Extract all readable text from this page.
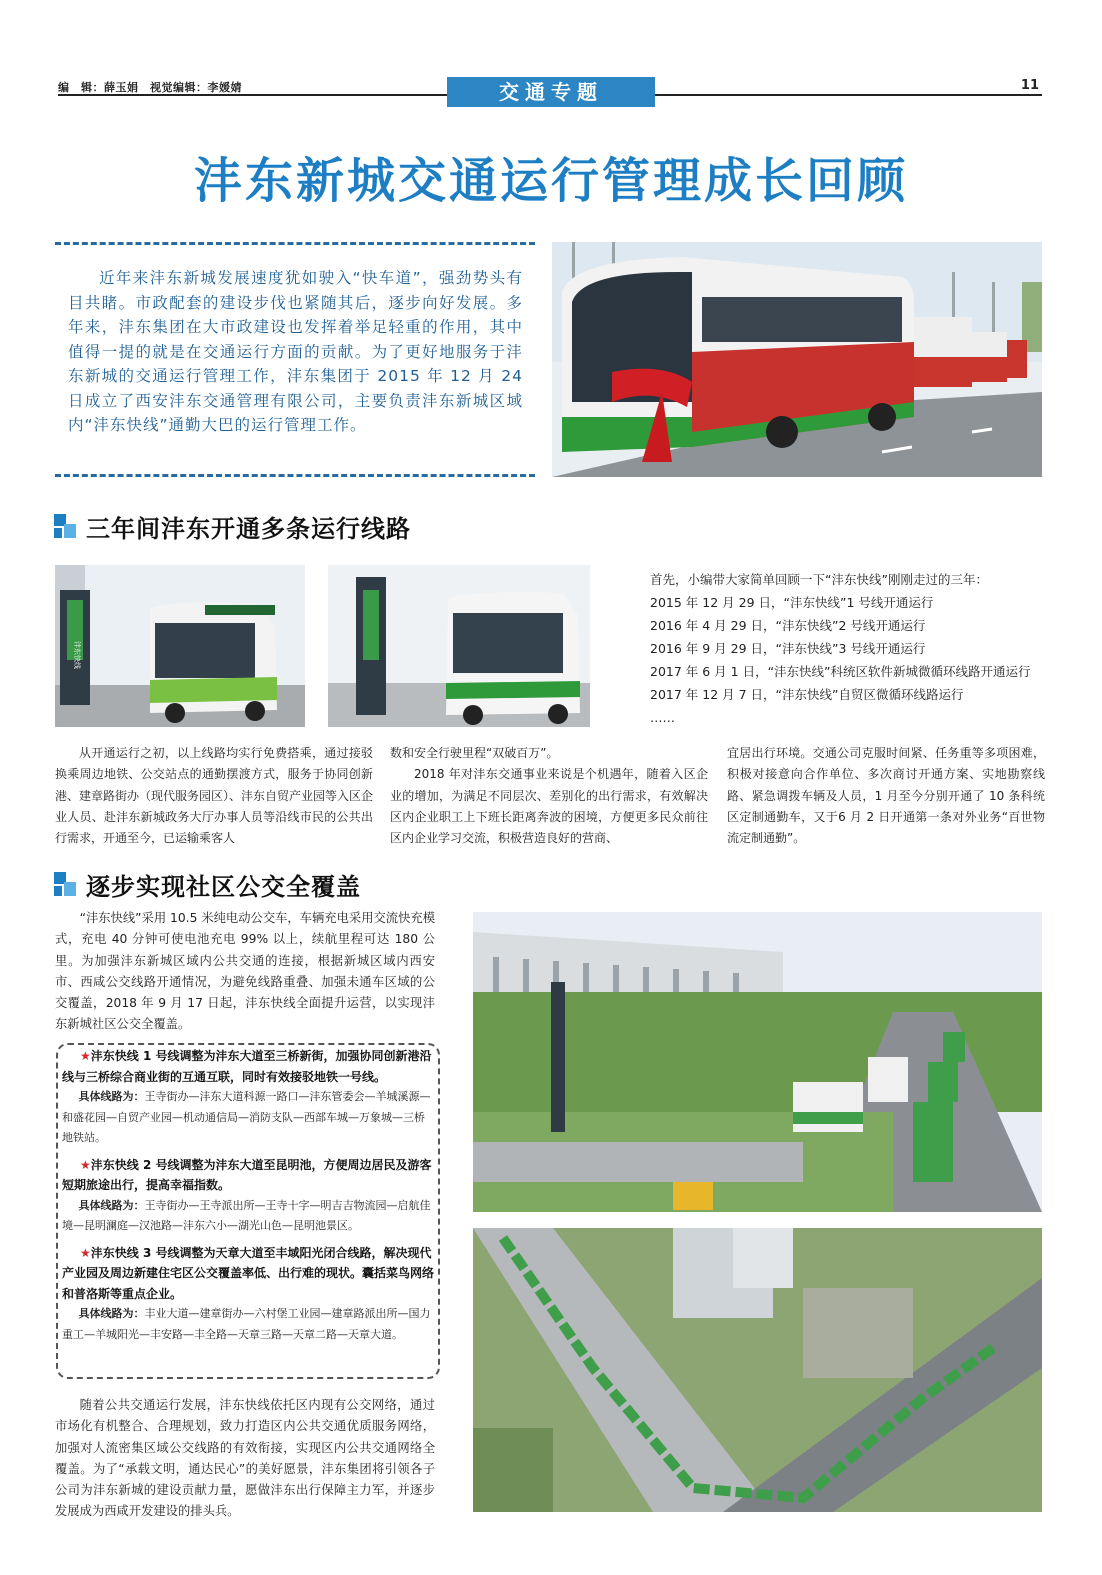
编　辑：薛玉娟　视觉编辑：李媛婧	交通专题	11
沣东新城交通运行管理成长回顾
近年来沣东新城发展速度犹如驶入“快车道”，强劲势头有目共睹。市政配套的建设步伐也紧随其后，逐步向好发展。多年来，沣东集团在大市政建设也发挥着举足轻重的作用，其中值得一提的就是在交通运行方面的贡献。为了更好地服务于沣东新城的交通运行管理工作，沣东集团于 2015 年 12 月 24 日成立了西安沣东交通管理有限公司，主要负责沣东新城区域内“沣东快线”通勤大巴的运行管理工作。
三年间沣东开通多条运行线路
沣东快线
首先，小编带大家简单回顾一下“沣东快线”刚刚走过的三年：
2015 年 12 月 29 日，“沣东快线”1 号线开通运行
2016 年 4 月 29 日，“沣东快线”2 号线开通运行
2016 年 9 月 29 日，“沣东快线”3 号线开通运行
2017 年 6 月 1 日，“沣东快线”科统区软件新城微循环线路开通运行
2017 年 12 月 7 日，“沣东快线”自贸区微循环线路运行
……
从开通运行之初，以上线路均实行免费搭乘，通过接驳换乘周边地铁、公交站点的通勤摆渡方式，服务于协同创新港、建章路街办（现代服务园区）、沣东自贸产业园等入区企业人员、赴沣东新城政务大厅办事人员等沿线市民的公共出行需求，开通至今，已运输乘客人
数和安全行驶里程“双破百万”。
2018 年对沣东交通事业来说是个机遇年，随着入区企业的增加，为满足不同层次、差别化的出行需求，有效解决区内企业职工上下班长距离奔波的困境，方便更多民众前往区内企业学习交流，积极营造良好的营商、
宜居出行环境。交通公司克服时间紧、任务重等多项困难，积极对接意向合作单位、多次商讨开通方案、实地勘察线路、紧急调拨车辆及人员，1 月至今分别开通了 10 条科统区定制通勤车，又于6 月 2 日开通第一条对外业务“百世物流定制通勤”。
逐步实现社区公交全覆盖
“沣东快线”采用 10.5 米纯电动公交车，车辆充电采用交流快充模式，充电 40 分钟可使电池充电 99% 以上，续航里程可达 180 公里。为加强沣东新城区域内公共交通的连接，根据新城区域内西安市、西咸公交线路开通情况，为避免线路重叠、加强未通车区域的公交覆盖，2018 年 9 月 17 日起，沣东快线全面提升运营，以实现沣东新城社区公交全覆盖。
★沣东快线 1 号线调整为沣东大道至三桥新街，加强协同创新港沿线与三桥综合商业街的互通互联，同时有效接驳地铁一号线。
具体线路为：王寺街办—沣东大道科源一路口—沣东管委会—羊城溪源—和盛花园—自贸产业园—机动通信局—消防支队—西部车城—万象城—三桥地铁站。
★沣东快线 2 号线调整为沣东大道至昆明池，方便周边居民及游客短期旅途出行，提高幸福指数。
具体线路为：王寺街办—王寺派出所—王寺十字—明吉吉物流园—启航佳境—昆明澜庭—汉池路—沣东六小—湖光山色—昆明池景区。
★沣东快线 3 号线调整为天章大道至丰域阳光闭合线路，解决现代产业园及周边新建住宅区公交覆盖率低、出行难的现状。囊括菜鸟网络和普洛斯等重点企业。
具体线路为：丰业大道—建章街办—六村堡工业园—建章路派出所—国力重工—羊城阳光—丰安路—丰全路—天章三路—天章二路—天章大道。
随着公共交通运行发展，沣东快线依托区内现有公交网络，通过市场化有机整合、合理规划，致力打造区内公共交通优质服务网络，加强对人流密集区域公交线路的有效衔接，实现区内公共交通网络全覆盖。为了“承载文明，通达民心”的美好愿景，沣东集团将引领各子公司为沣东新城的建设贡献力量，愿做沣东出行保障主力军，并逐步发展成为西咸开发建设的排头兵。
